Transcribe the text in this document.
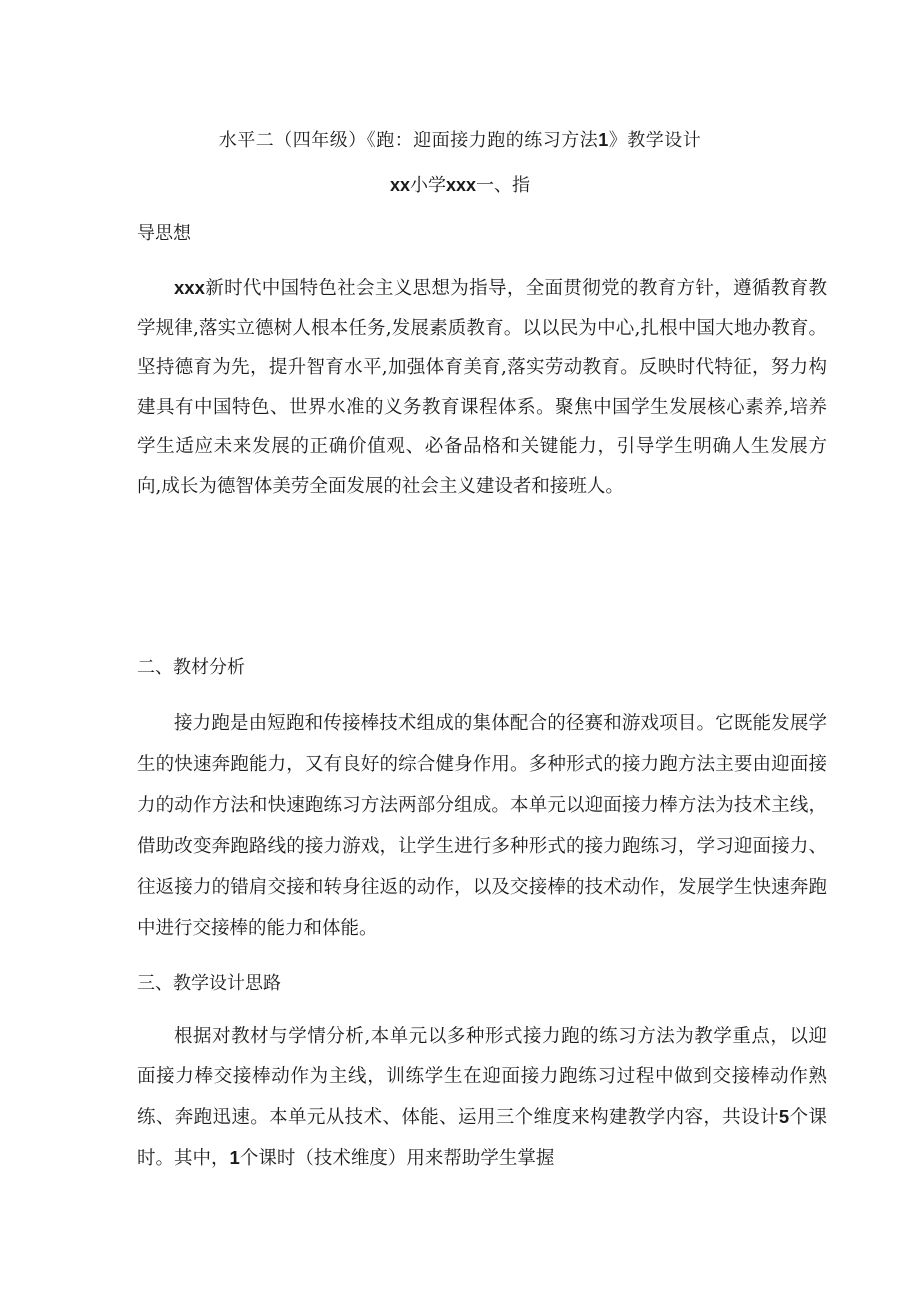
水平二（四年级）《跑：迎面接力跑的练习方法1》教学设计
xx小学xxx一、指
导思想

xxx新时代中国特色社会主义思想为指导，全面贯彻党的教育方针，遵循教育教学规律,落实立德树人根本任务,发展素质教育。以以民为中心,扎根中国大地办教育。坚持德育为先，提升智育水平,加强体育美育,落实劳动教育。反映时代特征，努力构建具有中国特色、世界水准的义务教育课程体系。聚焦中国学生发展核心素养,培养学生适应未来发展的正确价值观、必备品格和关键能力，引导学生明确人生发展方向,成长为德智体美劳全面发展的社会主义建设者和接班人。

二、教材分析

接力跑是由短跑和传接棒技术组成的集体配合的径赛和游戏项目。它既能发展学生的快速奔跑能力，又有良好的综合健身作用。多种形式的接力跑方法主要由迎面接力的动作方法和快速跑练习方法两部分组成。本单元以迎面接力棒方法为技术主线，借助改变奔跑路线的接力游戏，让学生进行多种形式的接力跑练习，学习迎面接力、往返接力的错肩交接和转身往返的动作，以及交接棒的技术动作，发展学生快速奔跑中进行交接棒的能力和体能。

三、教学设计思路

根据对教材与学情分析,本单元以多种形式接力跑的练习方法为教学重点，以迎面接力棒交接棒动作为主线，训练学生在迎面接力跑练习过程中做到交接棒动作熟练、奔跑迅速。本单元从技术、体能、运用三个维度来构建教学内容，共设计5个课时。其中，1个课时（技术维度）用来帮助学生掌握
